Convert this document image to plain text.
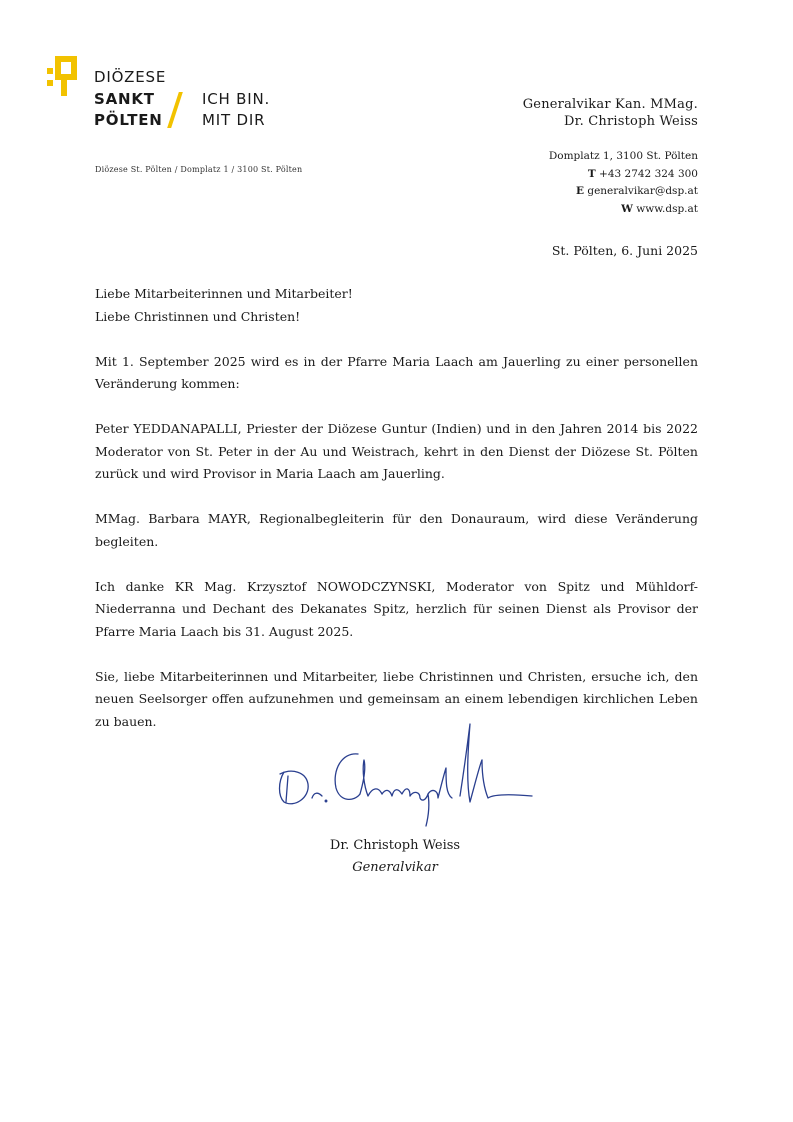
DIÖZESE
SANKT
PÖLTEN
ICH BIN.
MIT DIR
Generalvikar Kan. MMag.
Dr. Christoph Weiss
Diözese St. Pölten / Domplatz 1 / 3100 St. Pölten
Domplatz 1, 3100 St. Pölten
T +43 2742 324 300
E generalvikar@dsp.at
W www.dsp.at
St. Pölten, 6. Juni 2025

Liebe Mitarbeiterinnen und Mitarbeiter!
Liebe Christinnen und Christen!

Mit 1. September 2025 wird es in der Pfarre Maria Laach am Jauerling zu einer personellen Veränderung kommen:

Peter YEDDANAPALLI, Priester der Diözese Guntur (Indien) und in den Jahren 2014 bis 2022 Moderator von St. Peter in der Au und Weistrach, kehrt in den Dienst der Diözese St. Pölten zurück und wird Provisor in Maria Laach am Jauerling.

MMag. Barbara MAYR, Regionalbegleiterin für den Donauraum, wird diese Veränderung begleiten.

Ich danke KR Mag. Krzysztof NOWODCZYNSKI, Moderator von Spitz und Mühldorf-Niederranna und Dechant des Dekanates Spitz, herzlich für seinen Dienst als Provisor der Pfarre Maria Laach bis 31. August 2025.

Sie, liebe Mitarbeiterinnen und Mitarbeiter, liebe Christinnen und Christen, ersuche ich, den neuen Seelsorger offen aufzunehmen und gemeinsam an einem lebendigen kirchlichen Leben zu bauen.

Dr. Christoph Weiss
Generalvikar
